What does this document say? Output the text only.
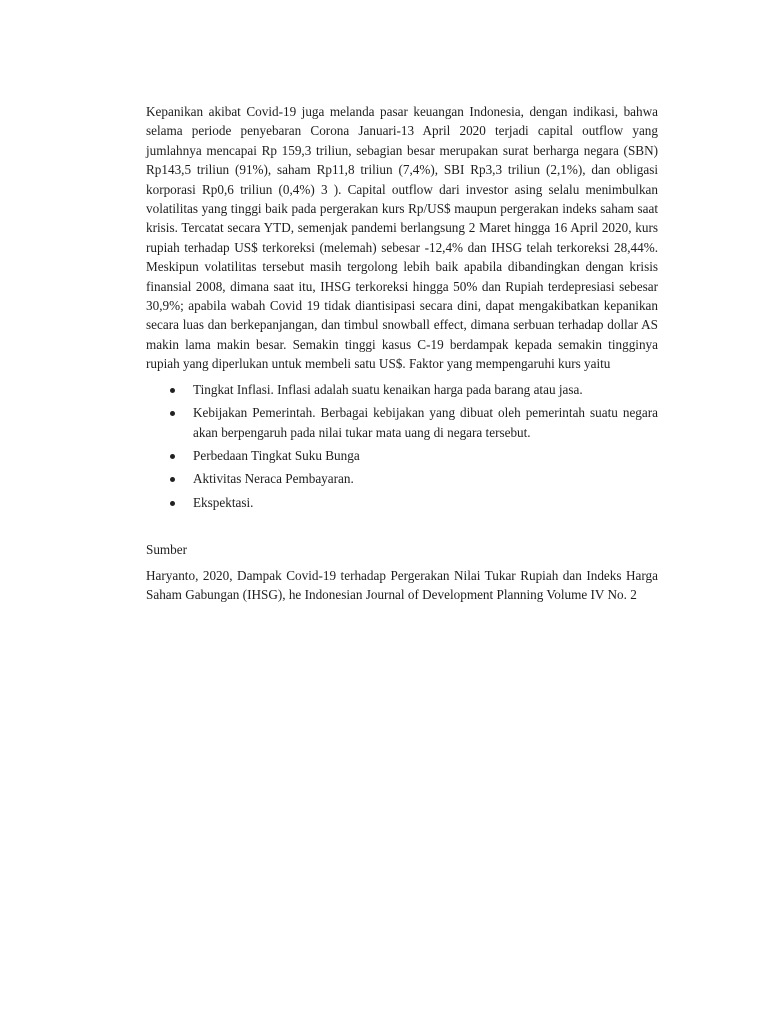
Kepanikan akibat Covid-19 juga melanda pasar keuangan Indonesia, dengan indikasi, bahwa selama periode penyebaran Corona Januari-13 April 2020 terjadi capital outflow yang jumlahnya mencapai Rp 159,3 triliun, sebagian besar merupakan surat berharga negara (SBN) Rp143,5 triliun (91%), saham Rp11,8 triliun (7,4%), SBI Rp3,3 triliun (2,1%), dan obligasi korporasi Rp0,6 triliun (0,4%) 3 ). Capital outflow dari investor asing selalu menimbulkan volatilitas yang tinggi baik pada pergerakan kurs Rp/US$ maupun pergerakan indeks saham saat krisis. Tercatat secara YTD, semenjak pandemi berlangsung 2 Maret hingga 16 April 2020, kurs rupiah terhadap US$ terkoreksi (melemah) sebesar -12,4% dan IHSG telah terkoreksi 28,44%. Meskipun volatilitas tersebut masih tergolong lebih baik apabila dibandingkan dengan krisis finansial 2008, dimana saat itu, IHSG terkoreksi hingga 50% dan Rupiah terdepresiasi sebesar 30,9%; apabila wabah Covid 19 tidak diantisipasi secara dini, dapat mengakibatkan kepanikan secara luas dan berkepanjangan, dan timbul snowball effect, dimana serbuan terhadap dollar AS makin lama makin besar. Semakin tinggi kasus C-19 berdampak kepada semakin tingginya rupiah yang diperlukan untuk membeli satu US$. Faktor yang mempengaruhi kurs yaitu

Tingkat Inflasi. Inflasi adalah suatu kenaikan harga pada barang atau jasa.
Kebijakan Pemerintah. Berbagai kebijakan yang dibuat oleh pemerintah suatu negara akan berpengaruh pada nilai tukar mata uang di negara tersebut.
Perbedaan Tingkat Suku Bunga
Aktivitas Neraca Pembayaran.
Ekspektasi.

Sumber

Haryanto, 2020, Dampak Covid-19 terhadap Pergerakan Nilai Tukar Rupiah dan Indeks Harga Saham Gabungan (IHSG), he Indonesian Journal of Development Planning Volume IV No. 2
